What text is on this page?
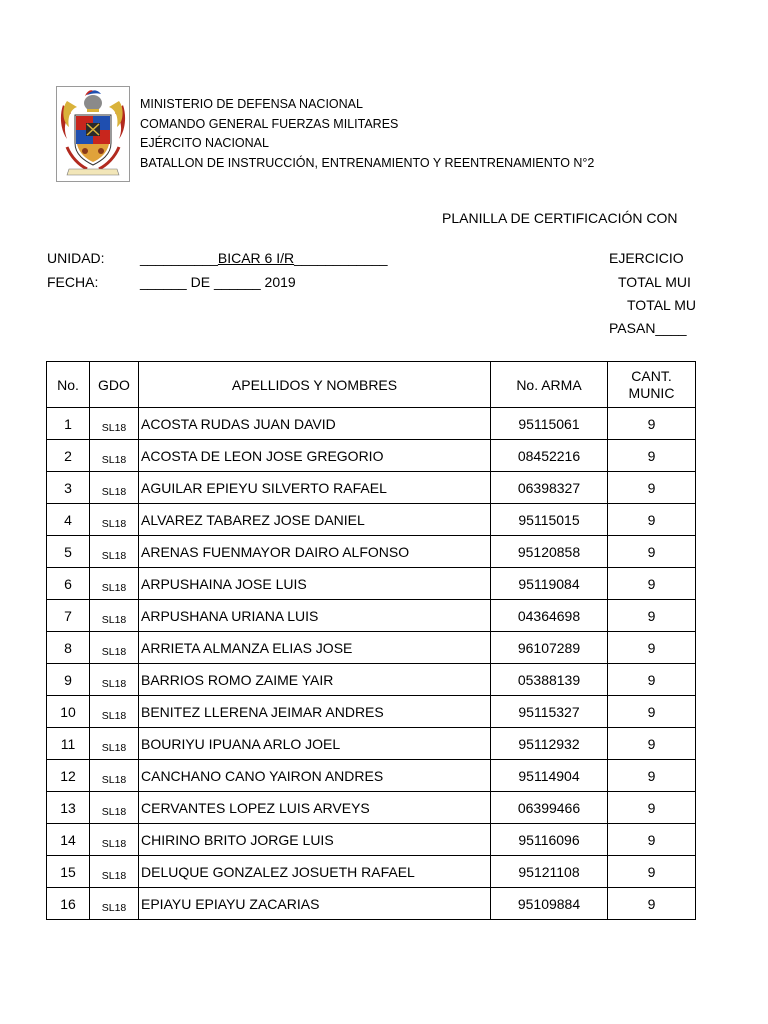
MINISTERIO DE DEFENSA NACIONAL
COMANDO GENERAL FUERZAS MILITARES
EJÉRCITO NACIONAL
BATALLON DE INSTRUCCIÓN, ENTRENAMIENTO Y REENTRENAMIENTO N°2
PLANILLA DE CERTIFICACIÓN CON
UNIDAD:	__________BICAR 6 I/R____________
FECHA:	______ DE ______ 2019
EJERCICIO
TOTAL MUI
TOTAL MU
PASAN____
No.	GDO	APELLIDOS Y NOMBRES	No. ARMA	CANT.
MUNIC
1	SL18	ACOSTA RUDAS JUAN DAVID	95115061	9
2	SL18	ACOSTA DE LEON JOSE GREGORIO	08452216	9
3	SL18	AGUILAR EPIEYU SILVERTO RAFAEL	06398327	9
4	SL18	ALVAREZ TABAREZ JOSE DANIEL	95115015	9
5	SL18	ARENAS FUENMAYOR DAIRO ALFONSO	95120858	9
6	SL18	ARPUSHAINA JOSE LUIS	95119084	9
7	SL18	ARPUSHANA URIANA LUIS	04364698	9
8	SL18	ARRIETA ALMANZA ELIAS JOSE	96107289	9
9	SL18	BARRIOS ROMO ZAIME YAIR	05388139	9
10	SL18	BENITEZ LLERENA JEIMAR ANDRES	95115327	9
11	SL18	BOURIYU IPUANA ARLO JOEL	95112932	9
12	SL18	CANCHANO CANO YAIRON ANDRES	95114904	9
13	SL18	CERVANTES LOPEZ LUIS ARVEYS	06399466	9
14	SL18	CHIRINO BRITO JORGE LUIS	95116096	9
15	SL18	DELUQUE GONZALEZ JOSUETH RAFAEL	95121108	9
16	SL18	EPIAYU EPIAYU ZACARIAS	95109884	9
